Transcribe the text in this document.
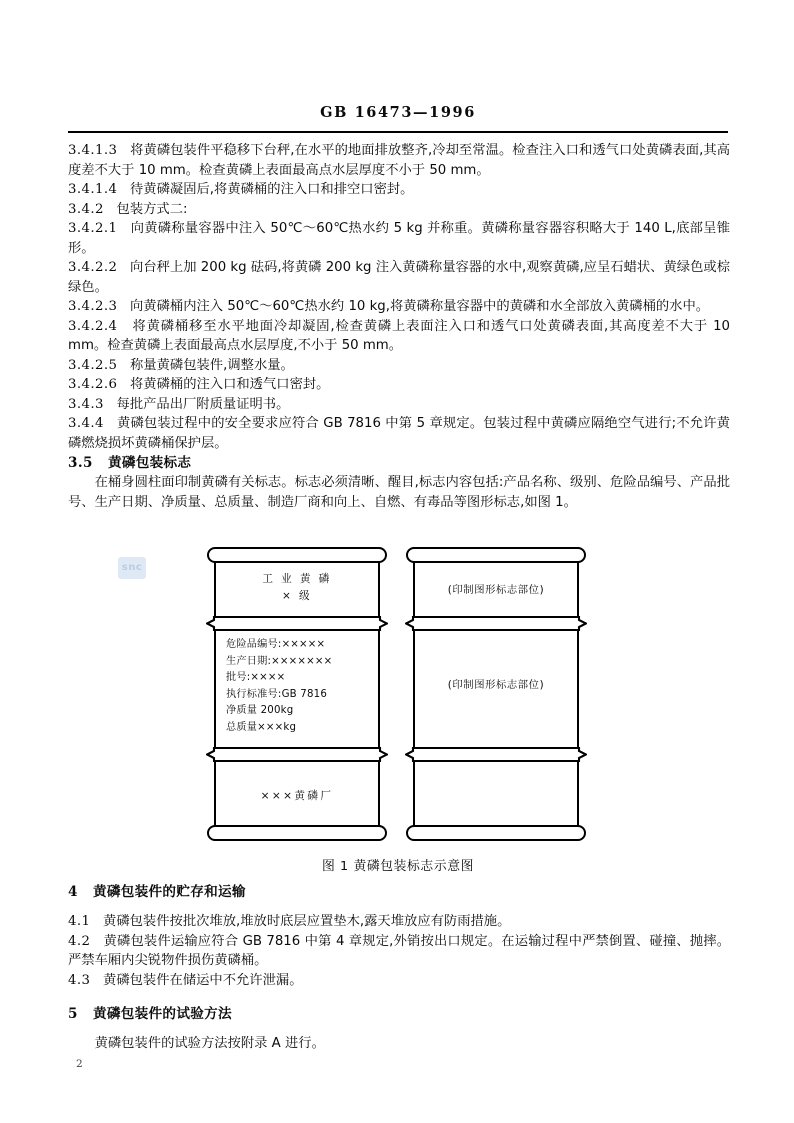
GB 16473—1996

3.4.1.3 将黄磷包装件平稳移下台秤,在水平的地面排放整齐,冷却至常温。检查注入口和透气口处黄磷表面,其高度差不大于 10 mm。检查黄磷上表面最高点水层厚度不小于 50 mm。

3.4.1.4 待黄磷凝固后,将黄磷桶的注入口和排空口密封。

3.4.2 包装方式二:

3.4.2.1 向黄磷称量容器中注入 50℃～60℃热水约 5 kg 并称重。黄磷称量容器容积略大于 140 L,底部呈锥形。

3.4.2.2 向台秤上加 200 kg 砝码,将黄磷 200 kg 注入黄磷称量容器的水中,观察黄磷,应呈石蜡状、黄绿色或棕绿色。

3.4.2.3 向黄磷桶内注入 50℃～60℃热水约 10 kg,将黄磷称量容器中的黄磷和水全部放入黄磷桶的水中。

3.4.2.4 将黄磷桶移至水平地面冷却凝固,检查黄磷上表面注入口和透气口处黄磷表面,其高度差不大于 10 mm。检查黄磷上表面最高点水层厚度,不小于 50 mm。

3.4.2.5 称量黄磷包装件,调整水量。

3.4.2.6 将黄磷桶的注入口和透气口密封。

3.4.3 每批产品出厂附质量证明书。

3.4.4 黄磷包装过程中的安全要求应符合 GB 7816 中第 5 章规定。包装过程中黄磷应隔绝空气进行;不允许黄磷燃烧损坏黄磷桶保护层。

3.5 黄磷包装标志

在桶身圆柱面印制黄磷有关标志。标志必须清晰、醒目,标志内容包括:产品名称、级别、危险品编号、产品批号、生产日期、净质量、总质量、制造厂商和向上、自燃、有毒品等图形标志,如图 1。

snc
工 业 黄 磷
× 级
危险品编号:×××××
生产日期:×××××××
批号:××××
执行标准号:GB 7816
净质量 200kg
总质量×××kg
×××黄磷厂
(印制图形标志部位)
(印制图形标志部位)
图 1 黄磷包装标志示意图

4 黄磷包装件的贮存和运输

4.1 黄磷包装件按批次堆放,堆放时底层应置垫木,露天堆放应有防雨措施。

4.2 黄磷包装件运输应符合 GB 7816 中第 4 章规定,外销按出口规定。在运输过程中严禁倒置、碰撞、抛摔。严禁车厢内尖锐物件损伤黄磷桶。

4.3 黄磷包装件在储运中不允许泄漏。

5 黄磷包装件的试验方法

黄磷包装件的试验方法按附录 A 进行。

2
